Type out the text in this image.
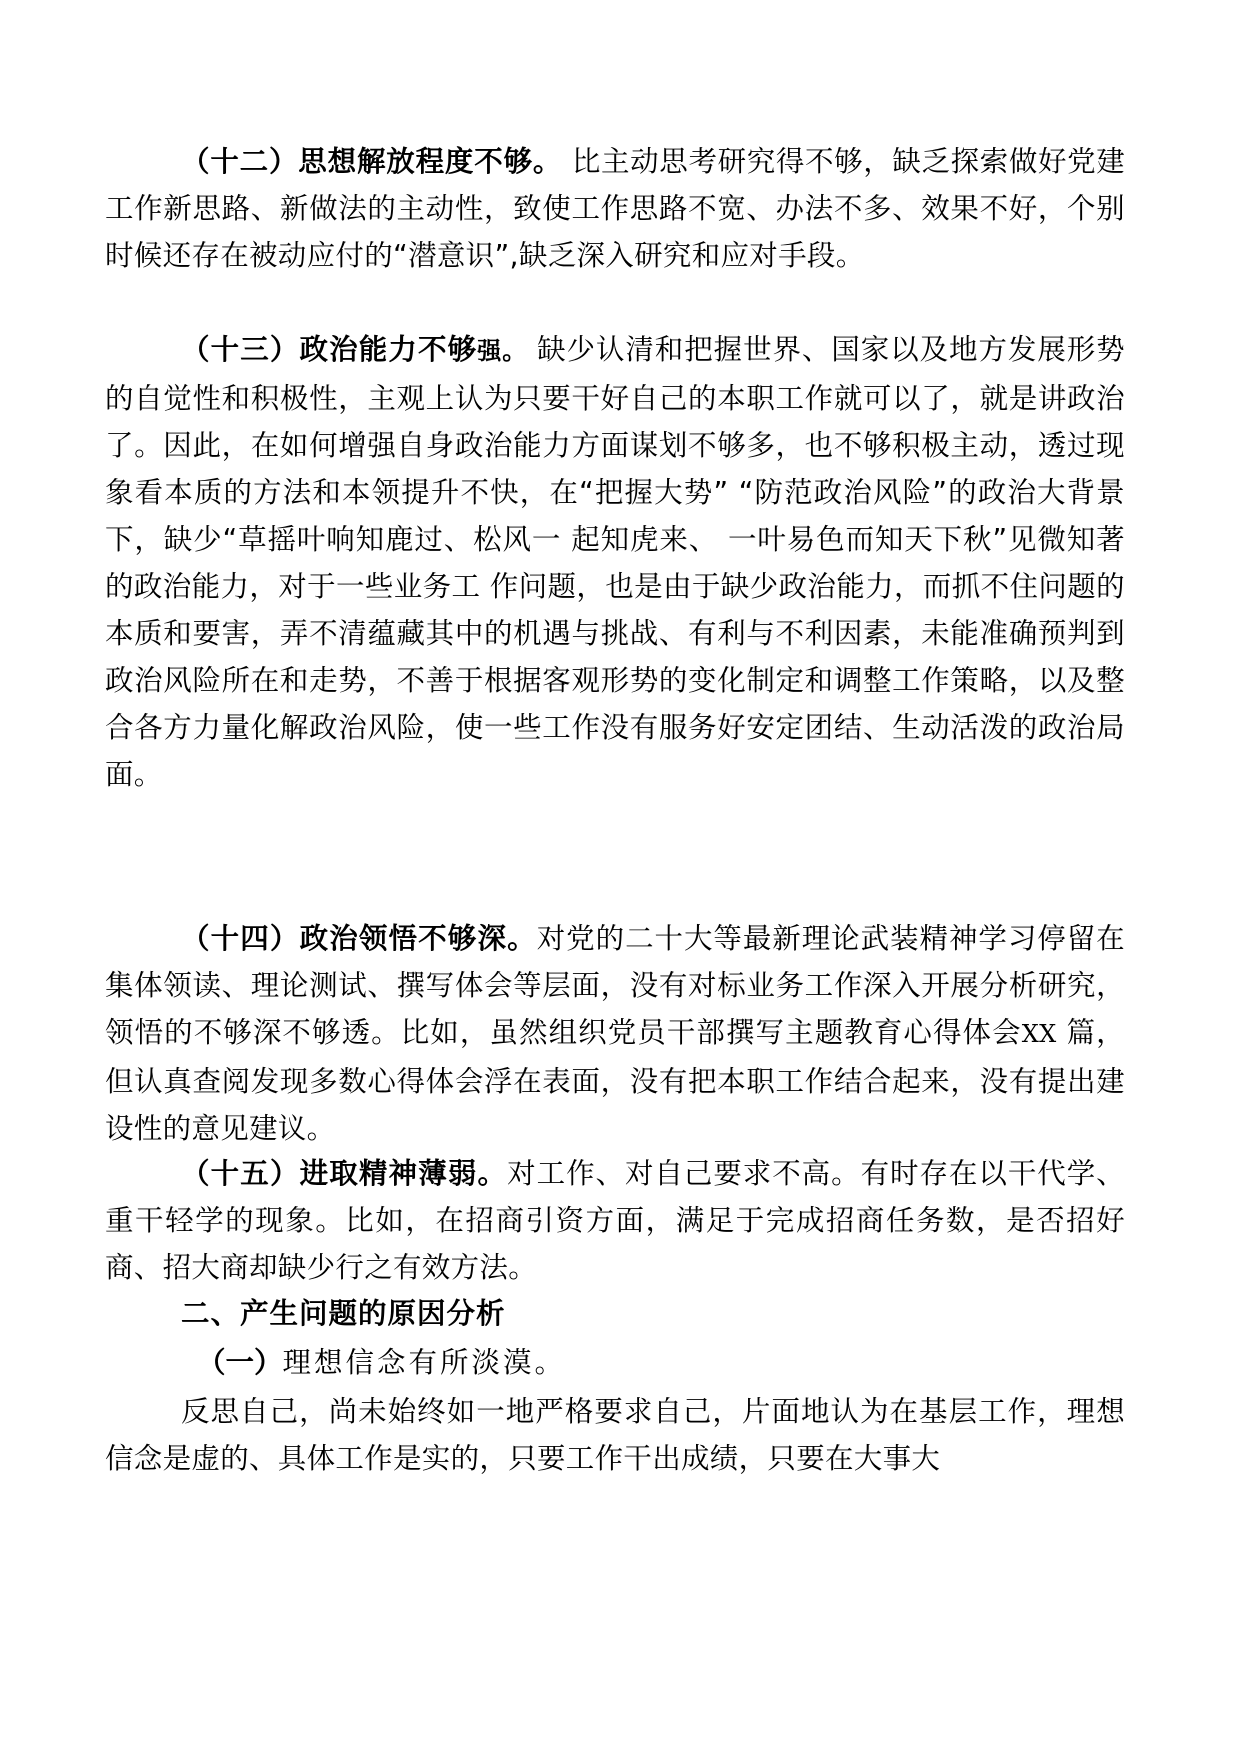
（十二）思想解放程度不够。 比主动思考研究得不够，缺乏探索做好党建工作新思路、新做法的主动性，致使工作思路不宽、办法不多、效果不好，个别时候还存在被动应付的“潜意识”,缺乏深入研究和应对手段。

（十三）政治能力不够强。 缺少认清和把握世界、国家以及地方发展形势的自觉性和积极性，主观上认为只要干好自己的本职工作就可以了，就是讲政治了。因此，在如何增强自身政治能力方面谋划不够多，也不够积极主动，透过现象看本质的方法和本领提升不快，在“把握大势” “防范政治风险”的政治大背景下，缺少“草摇叶响知鹿过、松风一 起知虎来、 一叶易色而知天下秋”见微知著的政治能力，对于一些业务工 作问题，也是由于缺少政治能力，而抓不住问题的本质和要害，弄不清蕴藏其中的机遇与挑战、有利与不利因素，未能准确预判到政治风险所在和走势，不善于根据客观形势的变化制定和调整工作策略，以及整合各方力量化解政治风险，使一些工作没有服务好安定团结、生动活泼的政治局面。

（十四）政治领悟不够深。对党的二十大等最新理论武装精神学习停留在集体领读、理论测试、撰写体会等层面，没有对标业务工作深入开展分析研究，领悟的不够深不够透。比如，虽然组织党员干部撰写主题教育心得体会XX 篇，但认真查阅发现多数心得体会浮在表面，没有把本职工作结合起来，没有提出建设性的意见建议。

（十五）进取精神薄弱。对工作、对自己要求不高。有时存在以干代学、重干轻学的现象。比如，在招商引资方面，满足于完成招商任务数，是否招好商、招大商却缺少行之有效方法。

二、产生问题的原因分析

（一）理想信念有所淡漠。

反思自己，尚未始终如一地严格要求自己，片面地认为在基层工作，理想信念是虚的、具体工作是实的，只要工作干出成绩，只要在大事大
